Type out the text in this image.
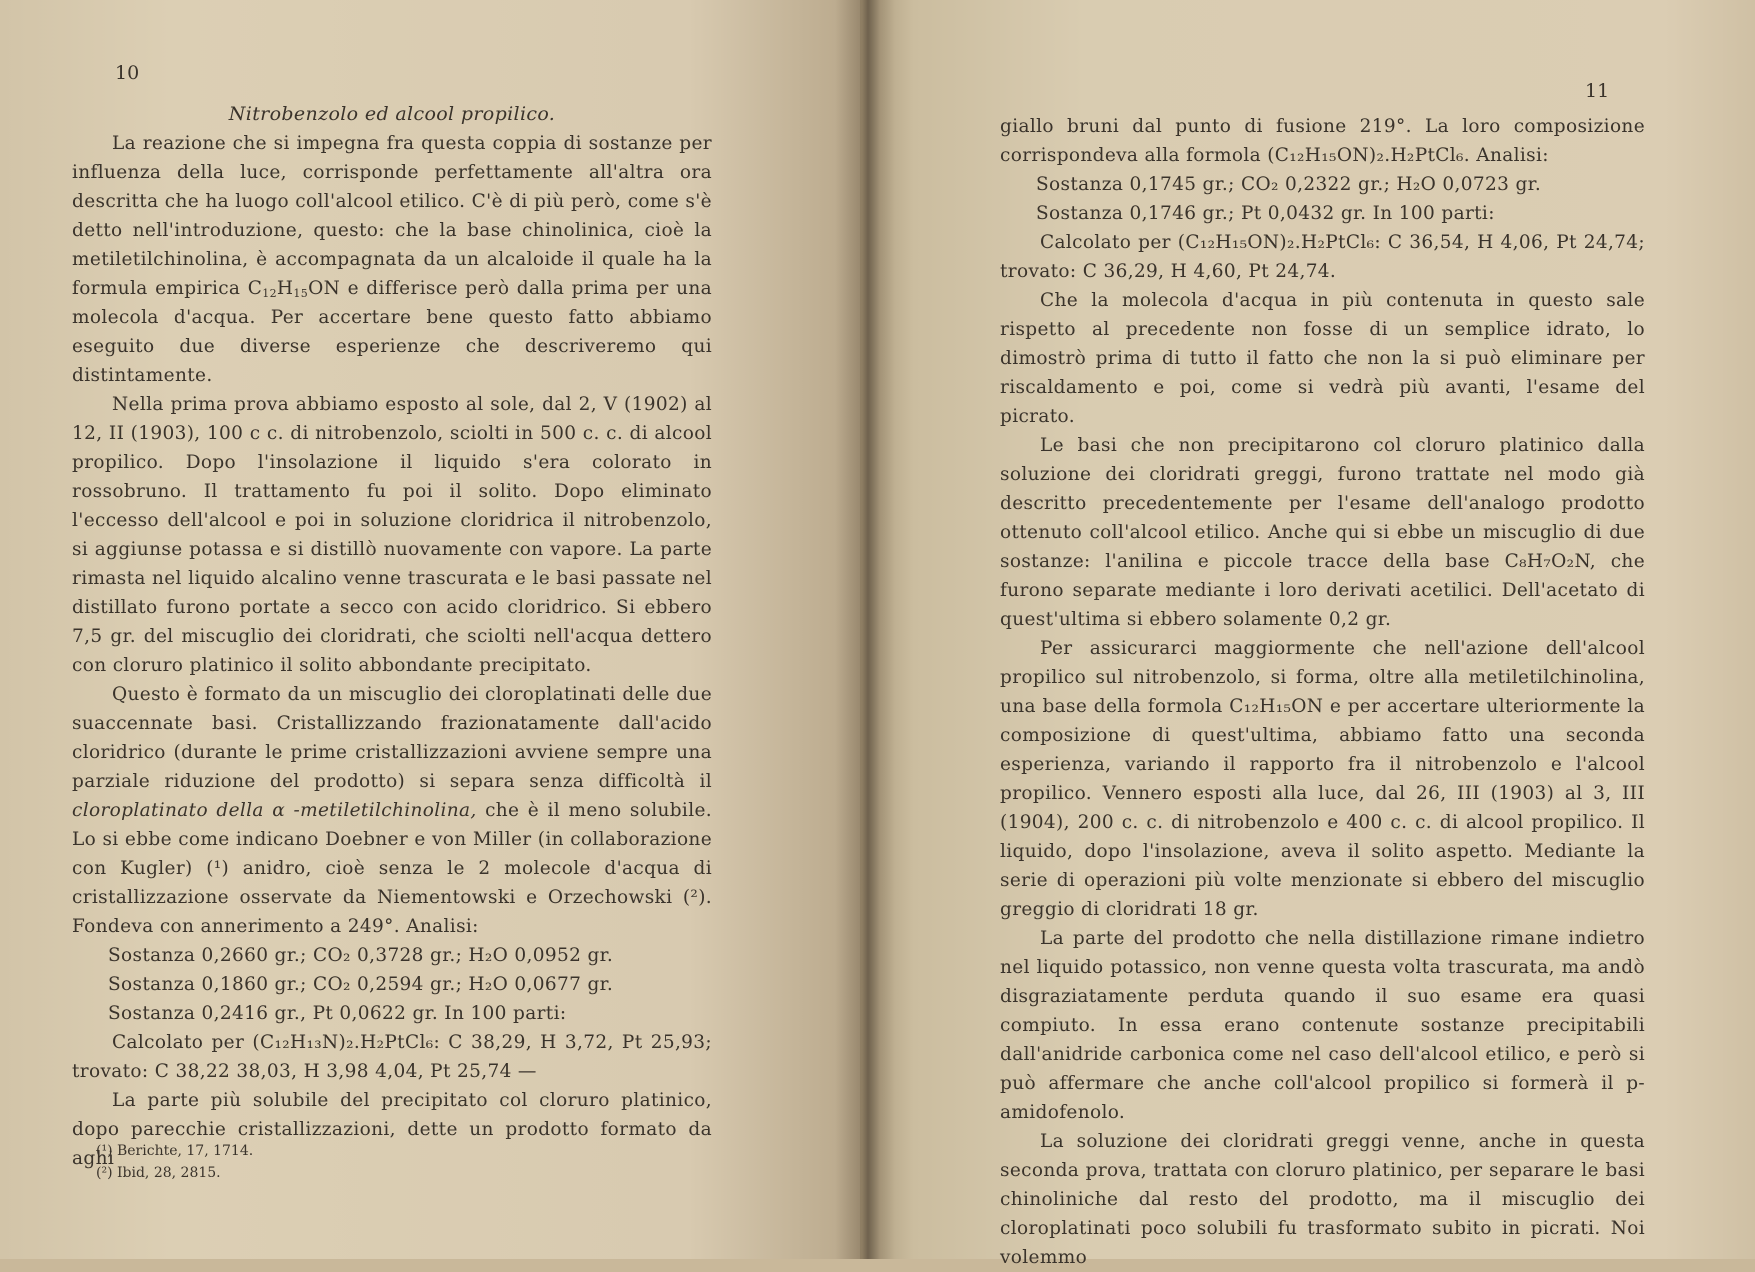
10

Nitrobenzolo ed alcool propilico.

La reazione che si impegna fra questa coppia di sostanze per influenza della luce, corrisponde perfettamente all'altra ora descritta che ha luogo coll'alcool etilico. C'è di più però, come s'è detto nell'introduzione, questo: che la base chinolinica, cioè la metiletilchinolina, è accompagnata da un alcaloide il quale ha la formula empirica $C_{12}H_{15}ON$ e differisce però dalla prima per una molecola d'acqua. Per accertare bene questo fatto abbiamo eseguito due diverse esperienze che descriveremo qui distintamente.

Nella prima prova abbiamo esposto al sole, dal 2, V (1902) al 12, II (1903), 100 c c. di nitrobenzolo, sciolti in 500 c. c. di alcool propilico. Dopo l'insolazione il liquido s'era colorato in rossobruno. Il trattamento fu poi il solito. Dopo eliminato l'eccesso dell'alcool e poi in soluzione cloridrica il nitrobenzolo, si aggiunse potassa e si distillò nuovamente con vapore. La parte rimasta nel liquido alcalino venne trascurata e le basi passate nel distillato furono portate a secco con acido cloridrico. Si ebbero 7,5 gr. del miscuglio dei cloridrati, che sciolti nell'acqua dettero con cloruro platinico il solito abbondante precipitato.

Questo è formato da un miscuglio dei cloroplatinati delle due suaccennate basi. Cristallizzando frazionatamente dall'acido cloridrico (durante le prime cristallizzazioni avviene sempre una parziale riduzione del prodotto) si separa senza difficoltà il cloroplatinato della α -metiletilchinolina, che è il meno solubile. Lo si ebbe come indicano Doebner e von Miller (in collaborazione con Kugler) (¹) anidro, cioè senza le 2 molecole d'acqua di cristallizzazione osservate da Niementowski e Orzechowski (²). Fondeva con annerimento a 249°. Analisi:

Sostanza 0,2660 gr.; CO₂ 0,3728 gr.; H₂O 0,0952 gr.

Sostanza 0,1860 gr.; CO₂ 0,2594 gr.; H₂O 0,0677 gr.

Sostanza 0,2416 gr., Pt 0,0622 gr. In 100 parti:

Calcolato per (C₁₂H₁₃N)₂.H₂PtCl₆: C 38,29, H 3,72, Pt 25,93; trovato: C 38,22 38,03, H 3,98 4,04, Pt 25,74 —

La parte più solubile del precipitato col cloruro platinico, dopo parecchie cristallizzazioni, dette un prodotto formato da aghi

(¹) Berichte, 17, 1714.

(²) Ibid, 28, 2815.

11

giallo bruni dal punto di fusione 219°. La loro composizione corrispondeva alla formola (C₁₂H₁₅ON)₂.H₂PtCl₆. Analisi:

Sostanza 0,1745 gr.; CO₂ 0,2322 gr.; H₂O 0,0723 gr.

Sostanza 0,1746 gr.; Pt 0,0432 gr. In 100 parti:

Calcolato per (C₁₂H₁₅ON)₂.H₂PtCl₆: C 36,54, H 4,06, Pt 24,74; trovato: C 36,29, H 4,60, Pt 24,74.

Che la molecola d'acqua in più contenuta in questo sale rispetto al precedente non fosse di un semplice idrato, lo dimostrò prima di tutto il fatto che non la si può eliminare per riscaldamento e poi, come si vedrà più avanti, l'esame del picrato.

Le basi che non precipitarono col cloruro platinico dalla soluzione dei cloridrati greggi, furono trattate nel modo già descritto precedentemente per l'esame dell'analogo prodotto ottenuto coll'alcool etilico. Anche qui si ebbe un miscuglio di due sostanze: l'anilina e piccole tracce della base C₈H₇O₂N, che furono separate mediante i loro derivati acetilici. Dell'acetato di quest'ultima si ebbero solamente 0,2 gr.

Per assicurarci maggiormente che nell'azione dell'alcool propilico sul nitrobenzolo, si forma, oltre alla metiletilchinolina, una base della formola C₁₂H₁₅ON e per accertare ulteriormente la composizione di quest'ultima, abbiamo fatto una seconda esperienza, variando il rapporto fra il nitrobenzolo e l'alcool propilico. Vennero esposti alla luce, dal 26, III (1903) al 3, III (1904), 200 c. c. di nitrobenzolo e 400 c. c. di alcool propilico. Il liquido, dopo l'insolazione, aveva il solito aspetto. Mediante la serie di operazioni più volte menzionate si ebbero del miscuglio greggio di cloridrati 18 gr.

La parte del prodotto che nella distillazione rimane indietro nel liquido potassico, non venne questa volta trascurata, ma andò disgraziatamente perduta quando il suo esame era quasi compiuto. In essa erano contenute sostanze precipitabili dall'anidride carbonica come nel caso dell'alcool etilico, e però si può affermare che anche coll'alcool propilico si formerà il p-amidofenolo.

La soluzione dei cloridrati greggi venne, anche in questa seconda prova, trattata con cloruro platinico, per separare le basi chinoliniche dal resto del prodotto, ma il miscuglio dei cloroplatinati poco solubili fu trasformato subito in picrati. Noi volemmo
